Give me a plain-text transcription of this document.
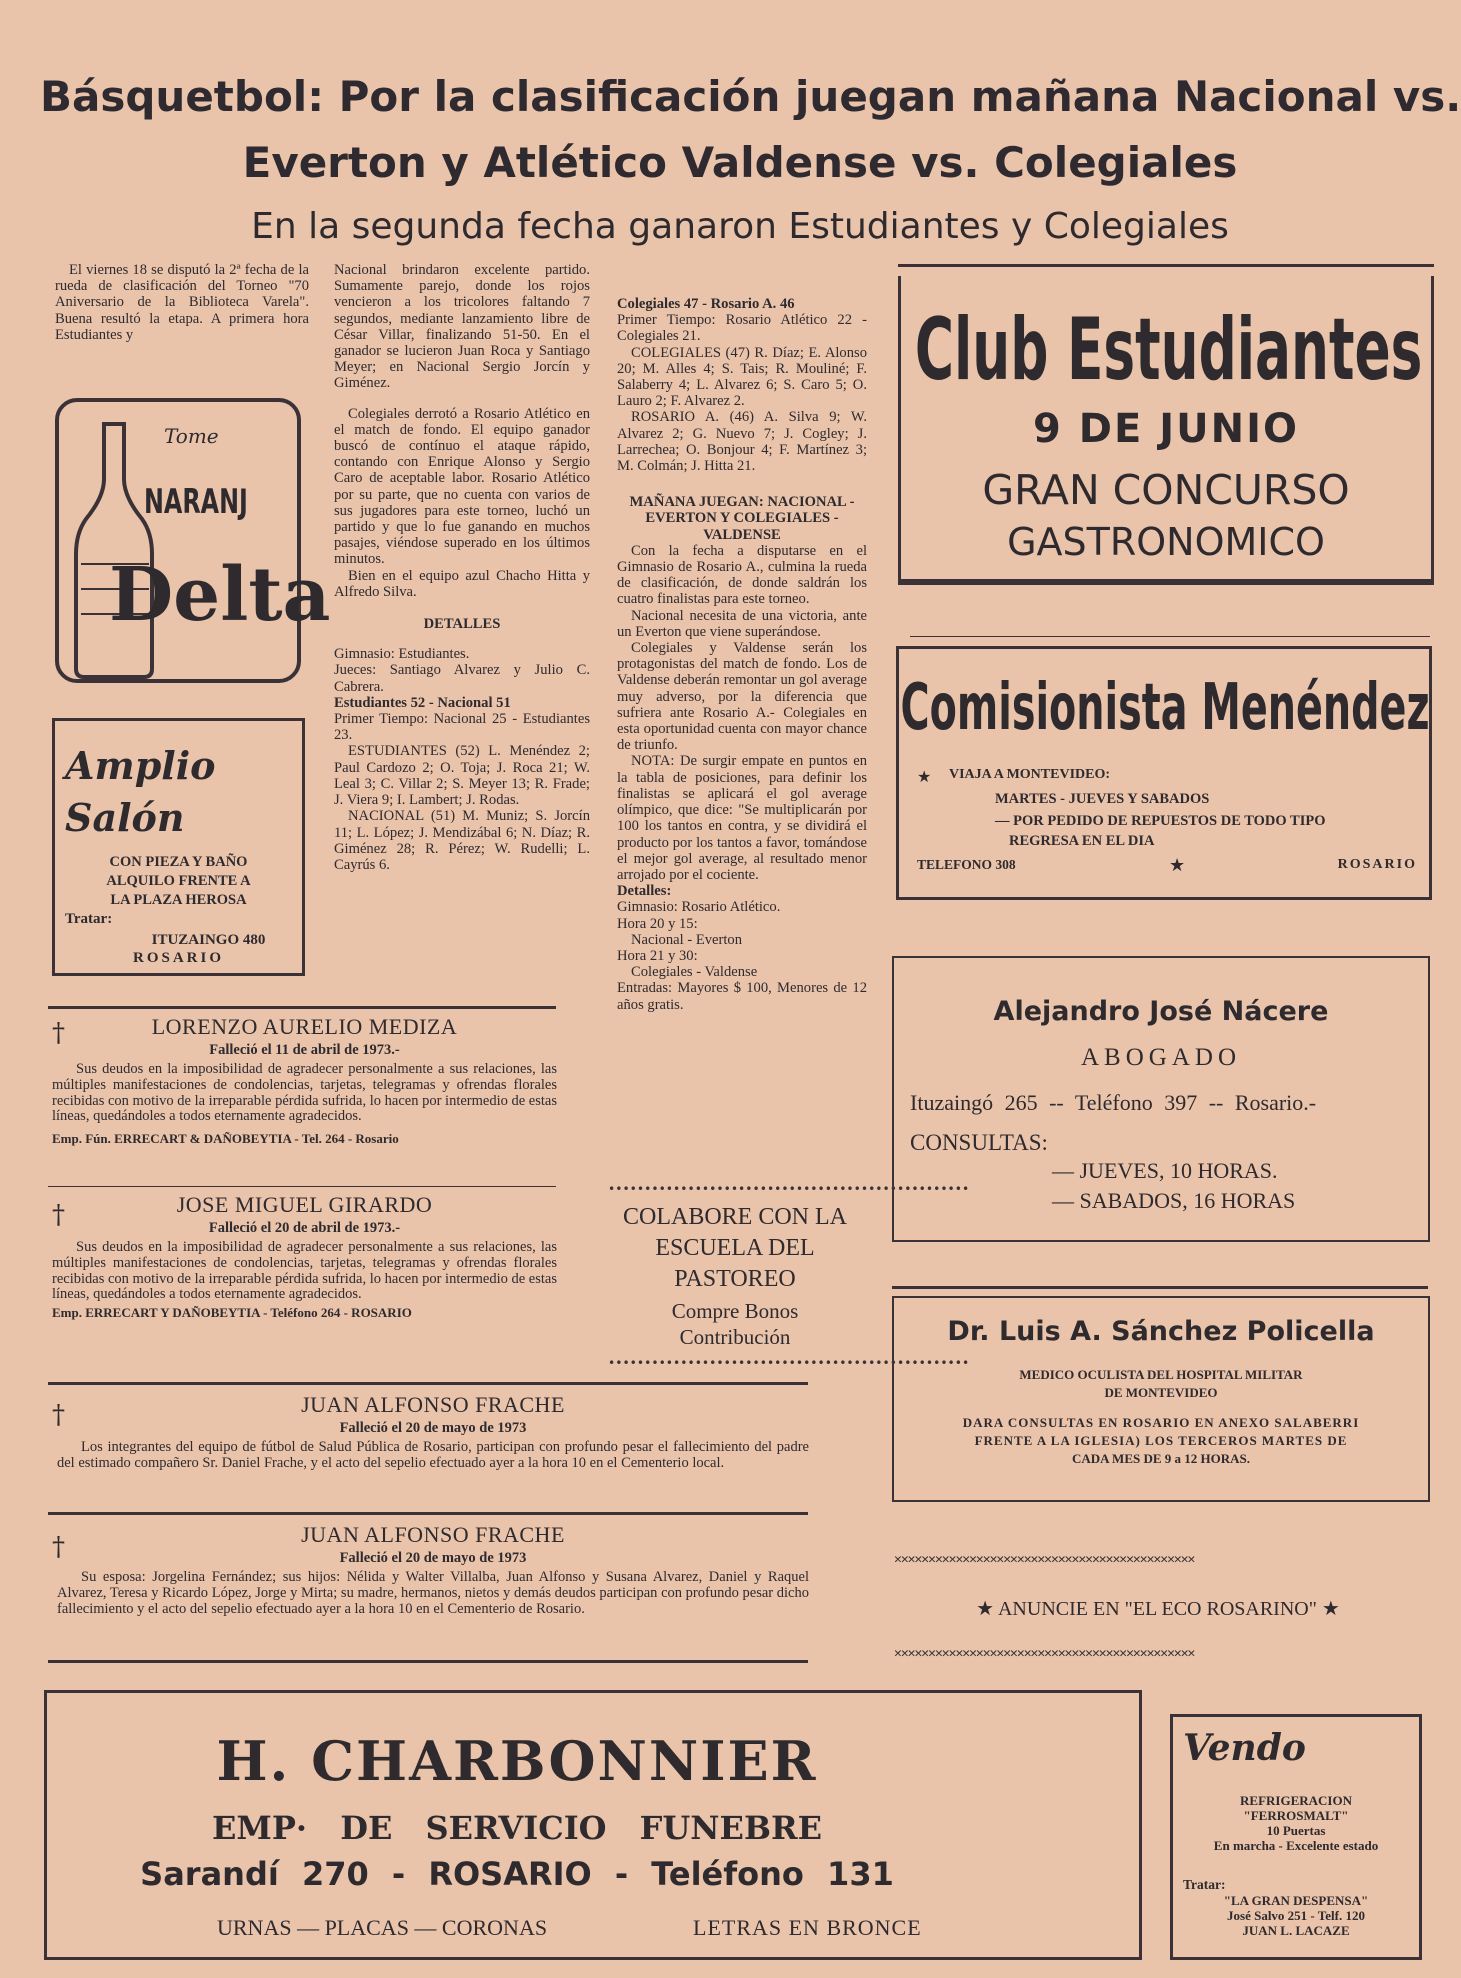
Básquetbol: Por la clasificación juegan mañana Nacional vs.
Everton y Atlético Valdense vs. Colegiales
En la segunda fecha ganaron Estudiantes y Colegiales

El viernes 18 se disputó la 2ª fecha de la rueda de clasificación del Torneo "70 Aniversario de la Biblioteca Varela". Buena resultó la etapa. A primera hora Estudiantes y

Tome
NARANJ
Delta
Amplio
Salón
CON PIEZA Y BAÑO
ALQUILO FRENTE A
LA PLAZA HEROSA
Tratar:
ITUZAINGO 480
ROSARIO

Nacional brindaron excelente partido. Sumamente parejo, donde los rojos vencieron a los tricolores faltando 7 segundos, mediante lanzamiento libre de César Villar, finalizando 51-50. En el ganador se lucieron Juan Roca y Santiago Meyer; en Nacional Sergio Jorcín y Giménez.

Colegiales derrotó a Rosario Atlético en el match de fondo. El equipo ganador buscó de contínuo el ataque rápido, contando con Enrique Alonso y Sergio Caro de aceptable labor. Rosario Atlético por su parte, que no cuenta con varios de sus jugadores para este torneo, luchó un partido y que lo fue ganando en muchos pasajes, viéndose superado en los últimos minutos.

Bien en el equipo azul Chacho Hitta y Alfredo Silva.

DETALLES

Gimnasio: Estudiantes.

Jueces: Santiago Alvarez y Julio C. Cabrera.

Estudiantes 52 - Nacional 51

Primer Tiempo: Nacional 25 - Estudiantes 23.

ESTUDIANTES (52) L. Menéndez 2; Paul Cardozo 2; O. Toja; J. Roca 21; W. Leal 3; C. Villar 2; S. Meyer 13; R. Frade; J. Viera 9; I. Lambert; J. Rodas.

NACIONAL (51) M. Muniz; S. Jorcín 11; L. López; J. Mendizábal 6; N. Díaz; R. Giménez 28; R. Pérez; W. Rudelli; L. Cayrús 6.

Colegiales 47 - Rosario A. 46

Primer Tiempo: Rosario Atlético 22 - Colegiales 21.

COLEGIALES (47) R. Díaz; E. Alonso 20; M. Alles 4; S. Tais; R. Mouliné; F. Salaberry 4; L. Alvarez 6; S. Caro 5; O. Lauro 2; F. Alvarez 2.

ROSARIO A. (46) A. Silva 9; W. Alvarez 2; G. Nuevo 7; J. Cogley; J. Larrechea; O. Bonjour 4; F. Martínez 3; M. Colmán; J. Hitta 21.

MAÑANA JUEGAN: NACIONAL - EVERTON Y COLEGIALES - VALDENSE

Con la fecha a disputarse en el Gimnasio de Rosario A., culmina la rueda de clasificación, de donde saldrán los cuatro finalistas para este torneo.

Nacional necesita de una victoria, ante un Everton que viene superándose.

Colegiales y Valdense serán los protagonistas del match de fondo. Los de Valdense deberán remontar un gol average muy adverso, por la diferencia que sufriera ante Rosario A.- Colegiales en esta oportunidad cuenta con mayor chance de triunfo.

NOTA: De surgir empate en puntos en la tabla de posiciones, para definir los finalistas se aplicará el gol average olímpico, que dice: "Se multiplicarán por 100 los tantos en contra, y se dividirá el producto por los tantos a favor, tomándose el mejor gol average, al resultado menor arrojado por el cociente.

Detalles:

Gimnasio: Rosario Atlético.

Hora 20 y 15:

Nacional - Everton

Hora 21 y 30:

Colegiales - Valdense

Entradas: Mayores $ 100, Menores de 12 años gratis.

†	LORENZO AURELIO MEDIZA
Falleció el 11 de abril de 1973.-
Sus deudos en la imposibilidad de agradecer personalmente a sus relaciones, las múltiples manifestaciones de condolencias, tarjetas, telegramas y ofrendas florales recibidas con motivo de la irreparable pérdida sufrida, lo hacen por intermedio de estas líneas, quedándoles a todos eternamente agradecidos.
Emp. Fún. ERRECART & DAÑOBEYTIA - Tel. 264 - Rosario
†	JOSE MIGUEL GIRARDO
Falleció el 20 de abril de 1973.-
Sus deudos en la imposibilidad de agradecer personalmente a sus relaciones, las múltiples manifestaciones de condolencias, tarjetas, telegramas y ofrendas florales recibidas con motivo de la irreparable pérdida sufrida, lo hacen por intermedio de estas líneas, quedándoles a todos eternamente agradecidos.
Emp. ERRECART Y DAÑOBEYTIA - Teléfono 264 - ROSARIO
†	JUAN ALFONSO FRACHE
Falleció el 20 de mayo de 1973
Los integrantes del equipo de fútbol de Salud Pública de Rosario, participan con profundo pesar el fallecimiento del padre del estimado compañero Sr. Daniel Frache, y el acto del sepelio efectuado ayer a la hora 10 en el Cementerio local.
†	JUAN ALFONSO FRACHE
Falleció el 20 de mayo de 1973
Su esposa: Jorgelina Fernández; sus hijos: Nélida y Walter Villalba, Juan Alfonso y Susana Alvarez, Daniel y Raquel Alvarez, Teresa y Ricardo López, Jorge y Mirta; su madre, hermanos, nietos y demás deudos participan con profundo pesar dicho fallecimiento y el acto del sepelio efectuado ayer a la hora 10 en el Cementerio de Rosario.
••••••••••••••••••••••••••••••••••••••••••••••••••
COLABORE CON LA
ESCUELA DEL
PASTOREO
Compre Bonos
Contribución
••••••••••••••••••••••••••••••••••••••••••••••••••
Club Estudiantes
9 DE JUNIO
GRAN CONCURSO
GASTRONOMICO
Comisionista Menéndez
★ VIAJA A MONTEVIDEO:
MARTES - JUEVES Y SABADOS
— POR PEDIDO DE REPUESTOS DE TODO TIPO
REGRESA EN EL DIA
TELEFONO 308	★	ROSARIO
Alejandro José Nácere
ABOGADO
Ituzaingó 265 -- Teléfono 397 -- Rosario.-
CONSULTAS:
— JUEVES, 10 HORAS.
— SABADOS, 16 HORAS
Dr. Luis A. Sánchez Policella
MEDICO OCULISTA DEL HOSPITAL MILITAR
DE MONTEVIDEO
DARA CONSULTAS EN ROSARIO EN ANEXO SALABERRI
FRENTE A LA IGLESIA) LOS TERCEROS MARTES DE
CADA MES DE 9 a 12 HORAS.
✕✕✕✕✕✕✕✕✕✕✕✕✕✕✕✕✕✕✕✕✕✕✕✕✕✕✕✕✕✕✕✕✕✕✕✕✕✕✕✕✕✕✕✕
★ ANUNCIE EN "EL ECO ROSARINO" ★
✕✕✕✕✕✕✕✕✕✕✕✕✕✕✕✕✕✕✕✕✕✕✕✕✕✕✕✕✕✕✕✕✕✕✕✕✕✕✕✕✕✕✕✕
H. CHARBONNIER
EMP· DE SERVICIO FUNEBRE
Sarandí 270 - ROSARIO - Teléfono 131
URNAS — PLACAS — CORONAS	LETRAS EN BRONCE
Vendo
REFRIGERACION
"FERROSMALT"
10 Puertas
En marcha - Excelente estado
Tratar:
"LA GRAN DESPENSA"
José Salvo 251 - Telf. 120
JUAN L. LACAZE
